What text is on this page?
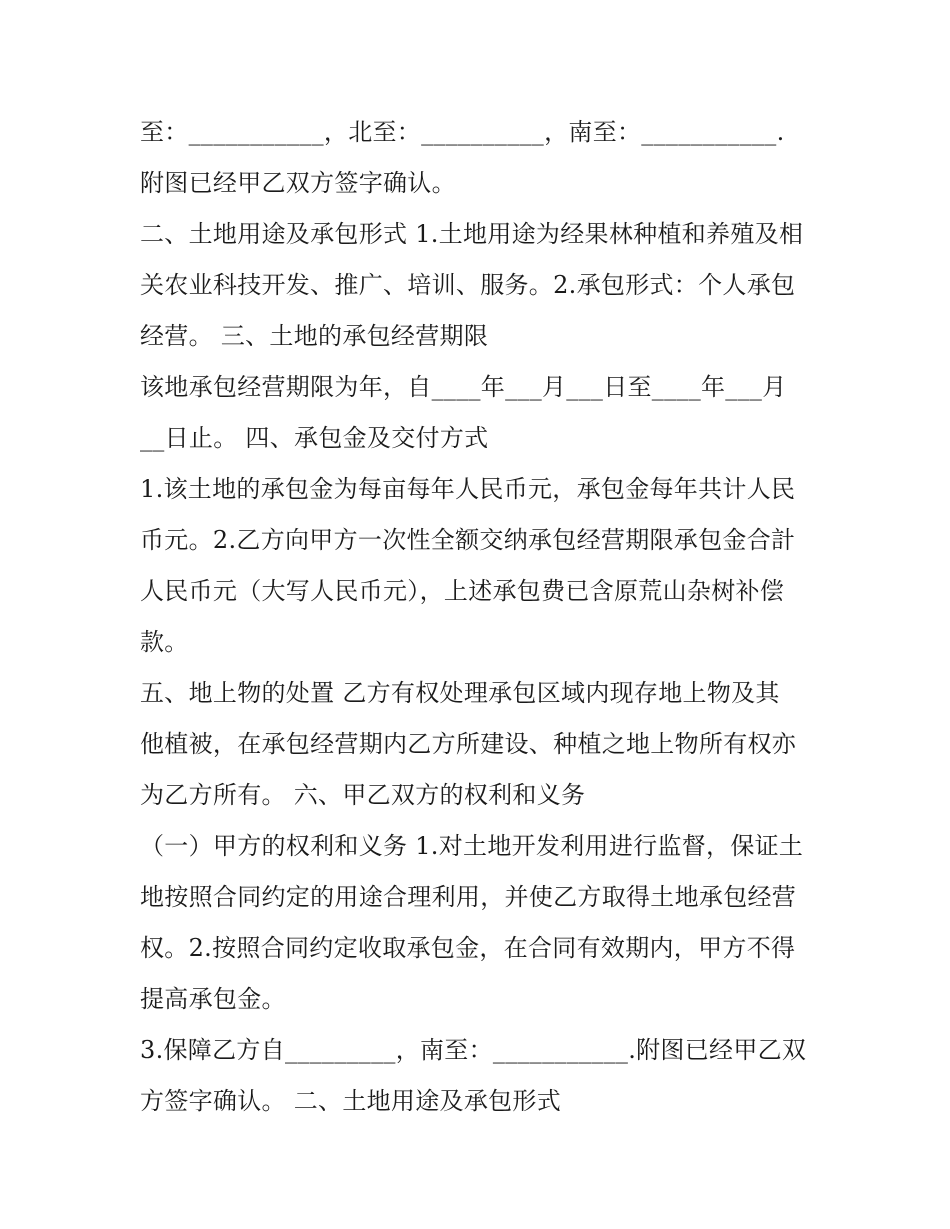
至：___________，北至：__________，南至：___________.
附图已经甲乙双方签字确认。
二、土地用途及承包形式 1.土地用途为经果林种植和养殖及相
关农业科技开发、推广、培训、服务。2.承包形式：个人承包
经营。 三、土地的承包经营期限
该地承包经营期限为年，自____年___月___日至____年___月
__日止。 四、承包金及交付方式
1.该土地的承包金为每亩每年人民币元，承包金每年共计人民
币元。2.乙方向甲方一次性全额交纳承包经营期限承包金合計
人民币元（大写人民币元），上述承包费已含原荒山杂树补偿
款。
五、地上物的处置 乙方有权处理承包区域内现存地上物及其
他植被，在承包经营期内乙方所建设、种植之地上物所有权亦
为乙方所有。 六、甲乙双方的权利和义务
（一）甲方的权利和义务 1.对土地开发利用进行监督，保证土
地按照合同约定的用途合理利用，并使乙方取得土地承包经营
权。2.按照合同约定收取承包金，在合同有效期内，甲方不得
提高承包金。
3.保障乙方自_________，南至：___________.附图已经甲乙双
方签字确认。 二、土地用途及承包形式
